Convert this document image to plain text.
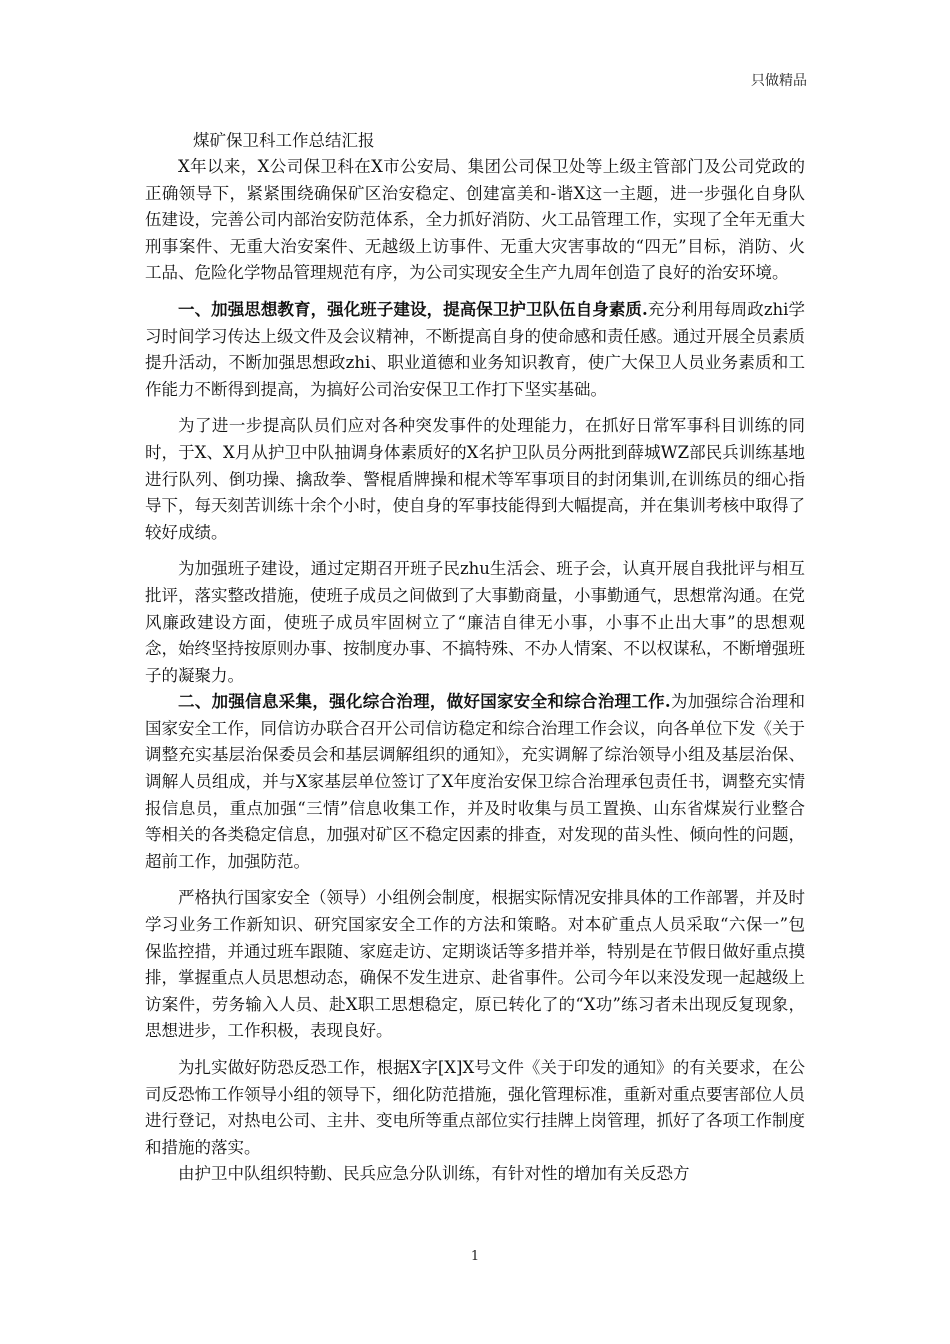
只做精品
煤矿保卫科工作总结汇报

X年以来，X公司保卫科在X市公安局、集团公司保卫处等上级主管部门及公司党政的正确领导下，紧紧围绕确保矿区治安稳定、创建富美和-谐X这一主题，进一步强化自身队伍建设，完善公司内部治安防范体系，全力抓好消防、火工品管理工作，实现了全年无重大刑事案件、无重大治安案件、无越级上访事件、无重大灾害事故的“四无”目标，消防、火工品、危险化学物品管理规范有序，为公司实现安全生产九周年创造了良好的治安环境。

一、加强思想教育，强化班子建设，提高保卫护卫队伍自身素质.充分利用每周政zhi学习时间学习传达上级文件及会议精神，不断提高自身的使命感和责任感。通过开展全员素质提升活动，不断加强思想政zhi、职业道德和业务知识教育，使广大保卫人员业务素质和工作能力不断得到提高，为搞好公司治安保卫工作打下坚实基础。

为了进一步提高队员们应对各种突发事件的处理能力，在抓好日常军事科目训练的同时，于X、X月从护卫中队抽调身体素质好的X名护卫队员分两批到薛城WZ部民兵训练基地进行队列、倒功操、擒敌拳、警棍盾牌操和棍术等军事项目的封闭集训,在训练员的细心指导下，每天刻苦训练十余个小时，使自身的军事技能得到大幅提高，并在集训考核中取得了较好成绩。

为加强班子建设，通过定期召开班子民zhu生活会、班子会，认真开展自我批评与相互批评，落实整改措施，使班子成员之间做到了大事勤商量，小事勤通气，思想常沟通。在党风廉政建设方面，使班子成员牢固树立了“廉洁自律无小事，小事不止出大事”的思想观念，始终坚持按原则办事、按制度办事、不搞特殊、不办人情案、不以权谋私，不断增强班子的凝聚力。

二、加强信息采集，强化综合治理，做好国家安全和综合治理工作.为加强综合治理和国家安全工作，同信访办联合召开公司信访稳定和综合治理工作会议，向各单位下发《关于调整充实基层治保委员会和基层调解组织的通知》，充实调解了综治领导小组及基层治保、调解人员组成，并与X家基层单位签订了X年度治安保卫综合治理承包责任书，调整充实情报信息员，重点加强“三情”信息收集工作，并及时收集与员工置换、山东省煤炭行业整合等相关的各类稳定信息，加强对矿区不稳定因素的排查，对发现的苗头性、倾向性的问题，超前工作，加强防范。

严格执行国家安全（领导）小组例会制度，根据实际情况安排具体的工作部署，并及时学习业务工作新知识、研究国家安全工作的方法和策略。对本矿重点人员采取“六保一”包保监控措，并通过班车跟随、家庭走访、定期谈话等多措并举，特别是在节假日做好重点摸排，掌握重点人员思想动态，确保不发生进京、赴省事件。公司今年以来没发现一起越级上访案件，劳务输入人员、赴X职工思想稳定，原已转化了的“X功”练习者未出现反复现象，思想进步，工作积极，表现良好。

为扎实做好防恐反恐工作，根据X字[X]X号文件《关于印发的通知》的有关要求，在公司反恐怖工作领导小组的领导下，细化防范措施，强化管理标准，重新对重点要害部位人员进行登记，对热电公司、主井、变电所等重点部位实行挂牌上岗管理，抓好了各项工作制度和措施的落实。

由护卫中队组织特勤、民兵应急分队训练，有针对性的增加有关反恐方

1
